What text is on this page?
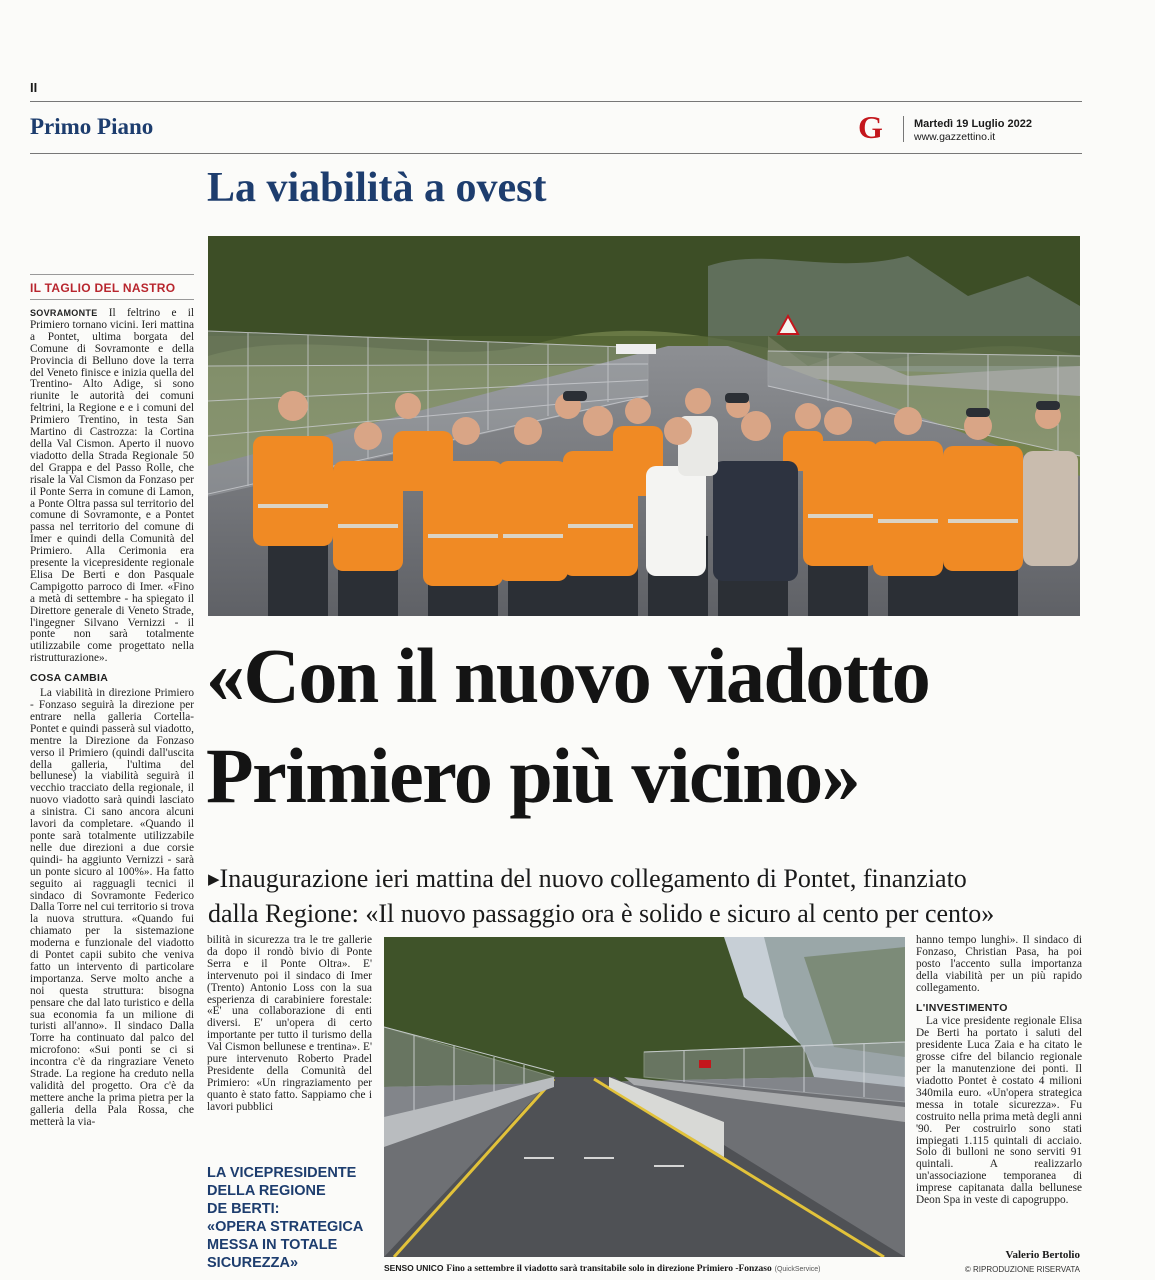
II
Primo Piano	G	Martedì 19 Luglio 2022
www.gazzettino.it
La viabilità a ovest
IL TAGLIO DEL NASTRO

SOVRAMONTE Il feltrino e il Primiero tornano vicini. Ieri mattina a Pontet, ultima borgata del Comune di Sovramonte e della Provincia di Belluno dove la terra del Veneto finisce e inizia quella del Trentino- Alto Adige, si sono riunite le autorità dei comuni feltrini, la Regione e e i comuni del Primiero Trentino, in testa San Martino di Castrozza: la Cortina della Val Cismon. Aperto il nuovo viadotto della Strada Regionale 50 del Grappa e del Passo Rolle, che risale la Val Cismon da Fonzaso per il Ponte Serra in comune di Lamon, a Ponte Oltra passa sul territorio del comune di Sovramonte, e a Pontet passa nel territorio del comune di Imer e quindi della Comunità del Primiero. Alla Cerimonia era presente la vicepresidente regionale Elisa De Berti e don Pasquale Campigotto parroco di Imer. «Fino a metà di settembre - ha spiegato il Direttore generale di Veneto Strade, l'ingegner Silvano Vernizzi - il ponte non sarà totalmente utilizzabile come progettato nella ristrutturazione».

COSA CAMBIA

La viabilità in direzione Primiero - Fonzaso seguirà la direzione per entrare nella galleria Cortella-Pontet e quindi passerà sul viadotto, mentre la Direzione da Fonzaso verso il Primiero (quindi dall'uscita della galleria, l'ultima del bellunese) la viabilità seguirà il vecchio tracciato della regionale, il nuovo viadotto sarà quindi lasciato a sinistra. Ci sano ancora alcuni lavori da completare. «Quando il ponte sarà totalmente utilizzabile nelle due direzioni a due corsie quindi- ha aggiunto Vernizzi - sarà un ponte sicuro al 100%». Ha fatto seguito ai ragguagli tecnici il sindaco di Sovramonte Federico Dalla Torre nel cui territorio si trova la nuova struttura. «Quando fui chiamato per la sistemazione moderna e funzionale del viadotto di Pontet capii subito che veniva fatto un intervento di particolare importanza. Serve molto anche a noi questa struttura: bisogna pensare che dal lato turistico e della sua economia fa un milione di turisti all'anno». Il sindaco Dalla Torre ha continuato dal palco del microfono: «Sui ponti se ci si incontra c'è da ringraziare Veneto Strade. La regione ha creduto nella validità del progetto. Ora c'è da mettere anche la prima pietra per la galleria della Pala Rossa, che metterà la via-

«Con il nuovo viadotto
Primiero più vicino»
▶Inaugurazione ieri mattina del nuovo collegamento di Pontet, finanziato
dalla Regione: «Il nuovo passaggio ora è solido e sicuro al cento per cento»

bilità in sicurezza tra le tre gallerie da dopo il rondò bivio di Ponte Serra e il Ponte Oltra». E' intervenuto poi il sindaco di Imer (Trento) Antonio Loss con la sua esperienza di carabiniere forestale: «E' una collaborazione di enti diversi. E' un'opera di certo importante per tutto il turismo della Val Cismon bellunese e trentina». E' pure intervenuto Roberto Pradel Presidente della Comunità del Primiero: «Un ringraziamento per quanto è stato fatto. Sappiamo che i lavori pubblici

LA VICEPRESIDENTE
DELLA REGIONE
DE BERTI:
«OPERA STRATEGICA
MESSA IN TOTALE
SICUREZZA»	SENSO UNICO Fino a settembre il viadotto sarà transitabile solo in direzione Primiero -Fonzaso (QuickService)

hanno tempo lunghi». Il sindaco di Fonzaso, Christian Pasa, ha poi posto l'accento sulla importanza della viabilità per un più rapido collegamento.

L'INVESTIMENTO

La vice presidente regionale Elisa De Berti ha portato i saluti del presidente Luca Zaia e ha citato le grosse cifre del bilancio regionale per la manutenzione dei ponti. Il viadotto Pontet è costato 4 milioni 340mila euro. «Un'opera strategica messa in totale sicurezza». Fu costruito nella prima metà degli anni '90. Per costruirlo sono stati impiegati 1.115 quintali di acciaio. Solo di bulloni ne sono serviti 91 quintali. A realizzarlo un'associazione temporanea di imprese capitanata dalla bellunese Deon Spa in veste di capogruppo.

Valerio Bertolio
© RIPRODUZIONE RISERVATA
